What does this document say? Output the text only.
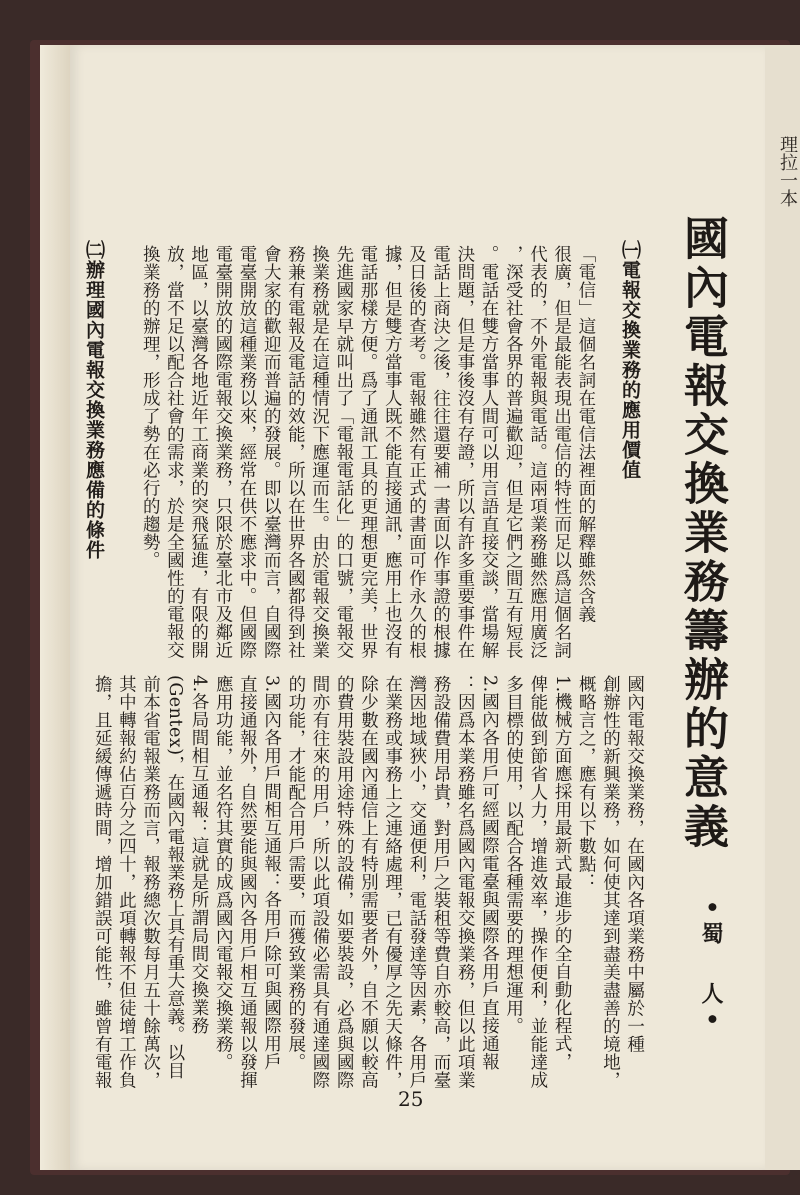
國內電報交換業務籌辦的意義
•蜀　人•
㈠電報交換業務的應用價值
「電信」這個名詞在電信法裡面的解釋雖然含義
很廣，但是最能表現出電信的特性而足以爲這個名詞
代表的，不外電報與電話。這兩項業務雖然應用廣泛
，深受社會各界的普遍歡迎，但是它們之間互有短長
。電話在雙方當事人間可以用言語直接交談，當場解
決問題，但是事後沒有存證，所以有許多重要事件在
電話上商決之後，往往還要補一書面以作事證的根據
及日後的查考。電報雖然有正式的書面可作永久的根
據，但是雙方當事人既不能直接通訊，應用上也沒有
電話那樣方便。爲了通訊工具的更理想更完美，世界
先進國家早就叫出了「電報電話化」的口號，電報交
換業務就是在這種情況下應運而生。由於電報交換業
務兼有電報及電話的效能，所以在世界各國都得到社
會大家的歡迎而普遍的發展。即以臺灣而言，自國際
電臺開放這種業務以來，經常在供不應求中。但國際
電臺開放的國際電報交換業務，只限於臺北市及鄰近
地區，以臺灣各地近年工商業的突飛猛進，有限的開
放，當不足以配合社會的需求，於是全國性的電報交
換業務的辦理，形成了勢在必行的趨勢。
㈡辦理國內電報交換業務應備的條件
國內電報交換業務，在國內各項業務中屬於一種
創辦性的新興業務，如何使其達到盡美盡善的境地，
概略言之，應有以下數點：
1.機械方面應採用最新式最進步的全自動化程式，
俾能做到節省人力，增進效率，操作便利，並能達成
多目標的使用，以配合各種需要的理想運用。
2.國內各用戶可經國際電臺與國際各用戶直接通報
：因爲本業務雖名爲國內電報交換業務，但以此項業
務設備費用昂貴，對用戶之裝租等費自亦較高，而臺
灣因地域狹小，交通便利，電話發達等因素，各用戶
在業務或事務上之連絡處理，已有優厚之先天條件，
除少數在國內通信上有特別需要者外，自不願以較高
的費用裝設用途特殊的設備，如要裝設，必爲與國際
間亦有往來的用戶，所以此項設備必需具有通達國際
的功能，才能配合用戶需要，而獲致業務的發展。
3.國內各用戶間相互通報：各用戶除可與國際用戶
直接通報外，自然要能與國內各用戶相互通報以發揮
應用功能，並名符其實的成爲國內電報交換業務。
4.各局間相互通報：這就是所謂局間交換業務
(Gentex)，在國內電報業務上具有重大意義。以目
前本省電報業務而言，報務總次數每月五十餘萬次，
其中轉報約佔百分之四十，此項轉報不但徒增工作負
擔，且延緩傳遞時間，增加錯誤可能性，雖曾有電報
理拉一本
25
